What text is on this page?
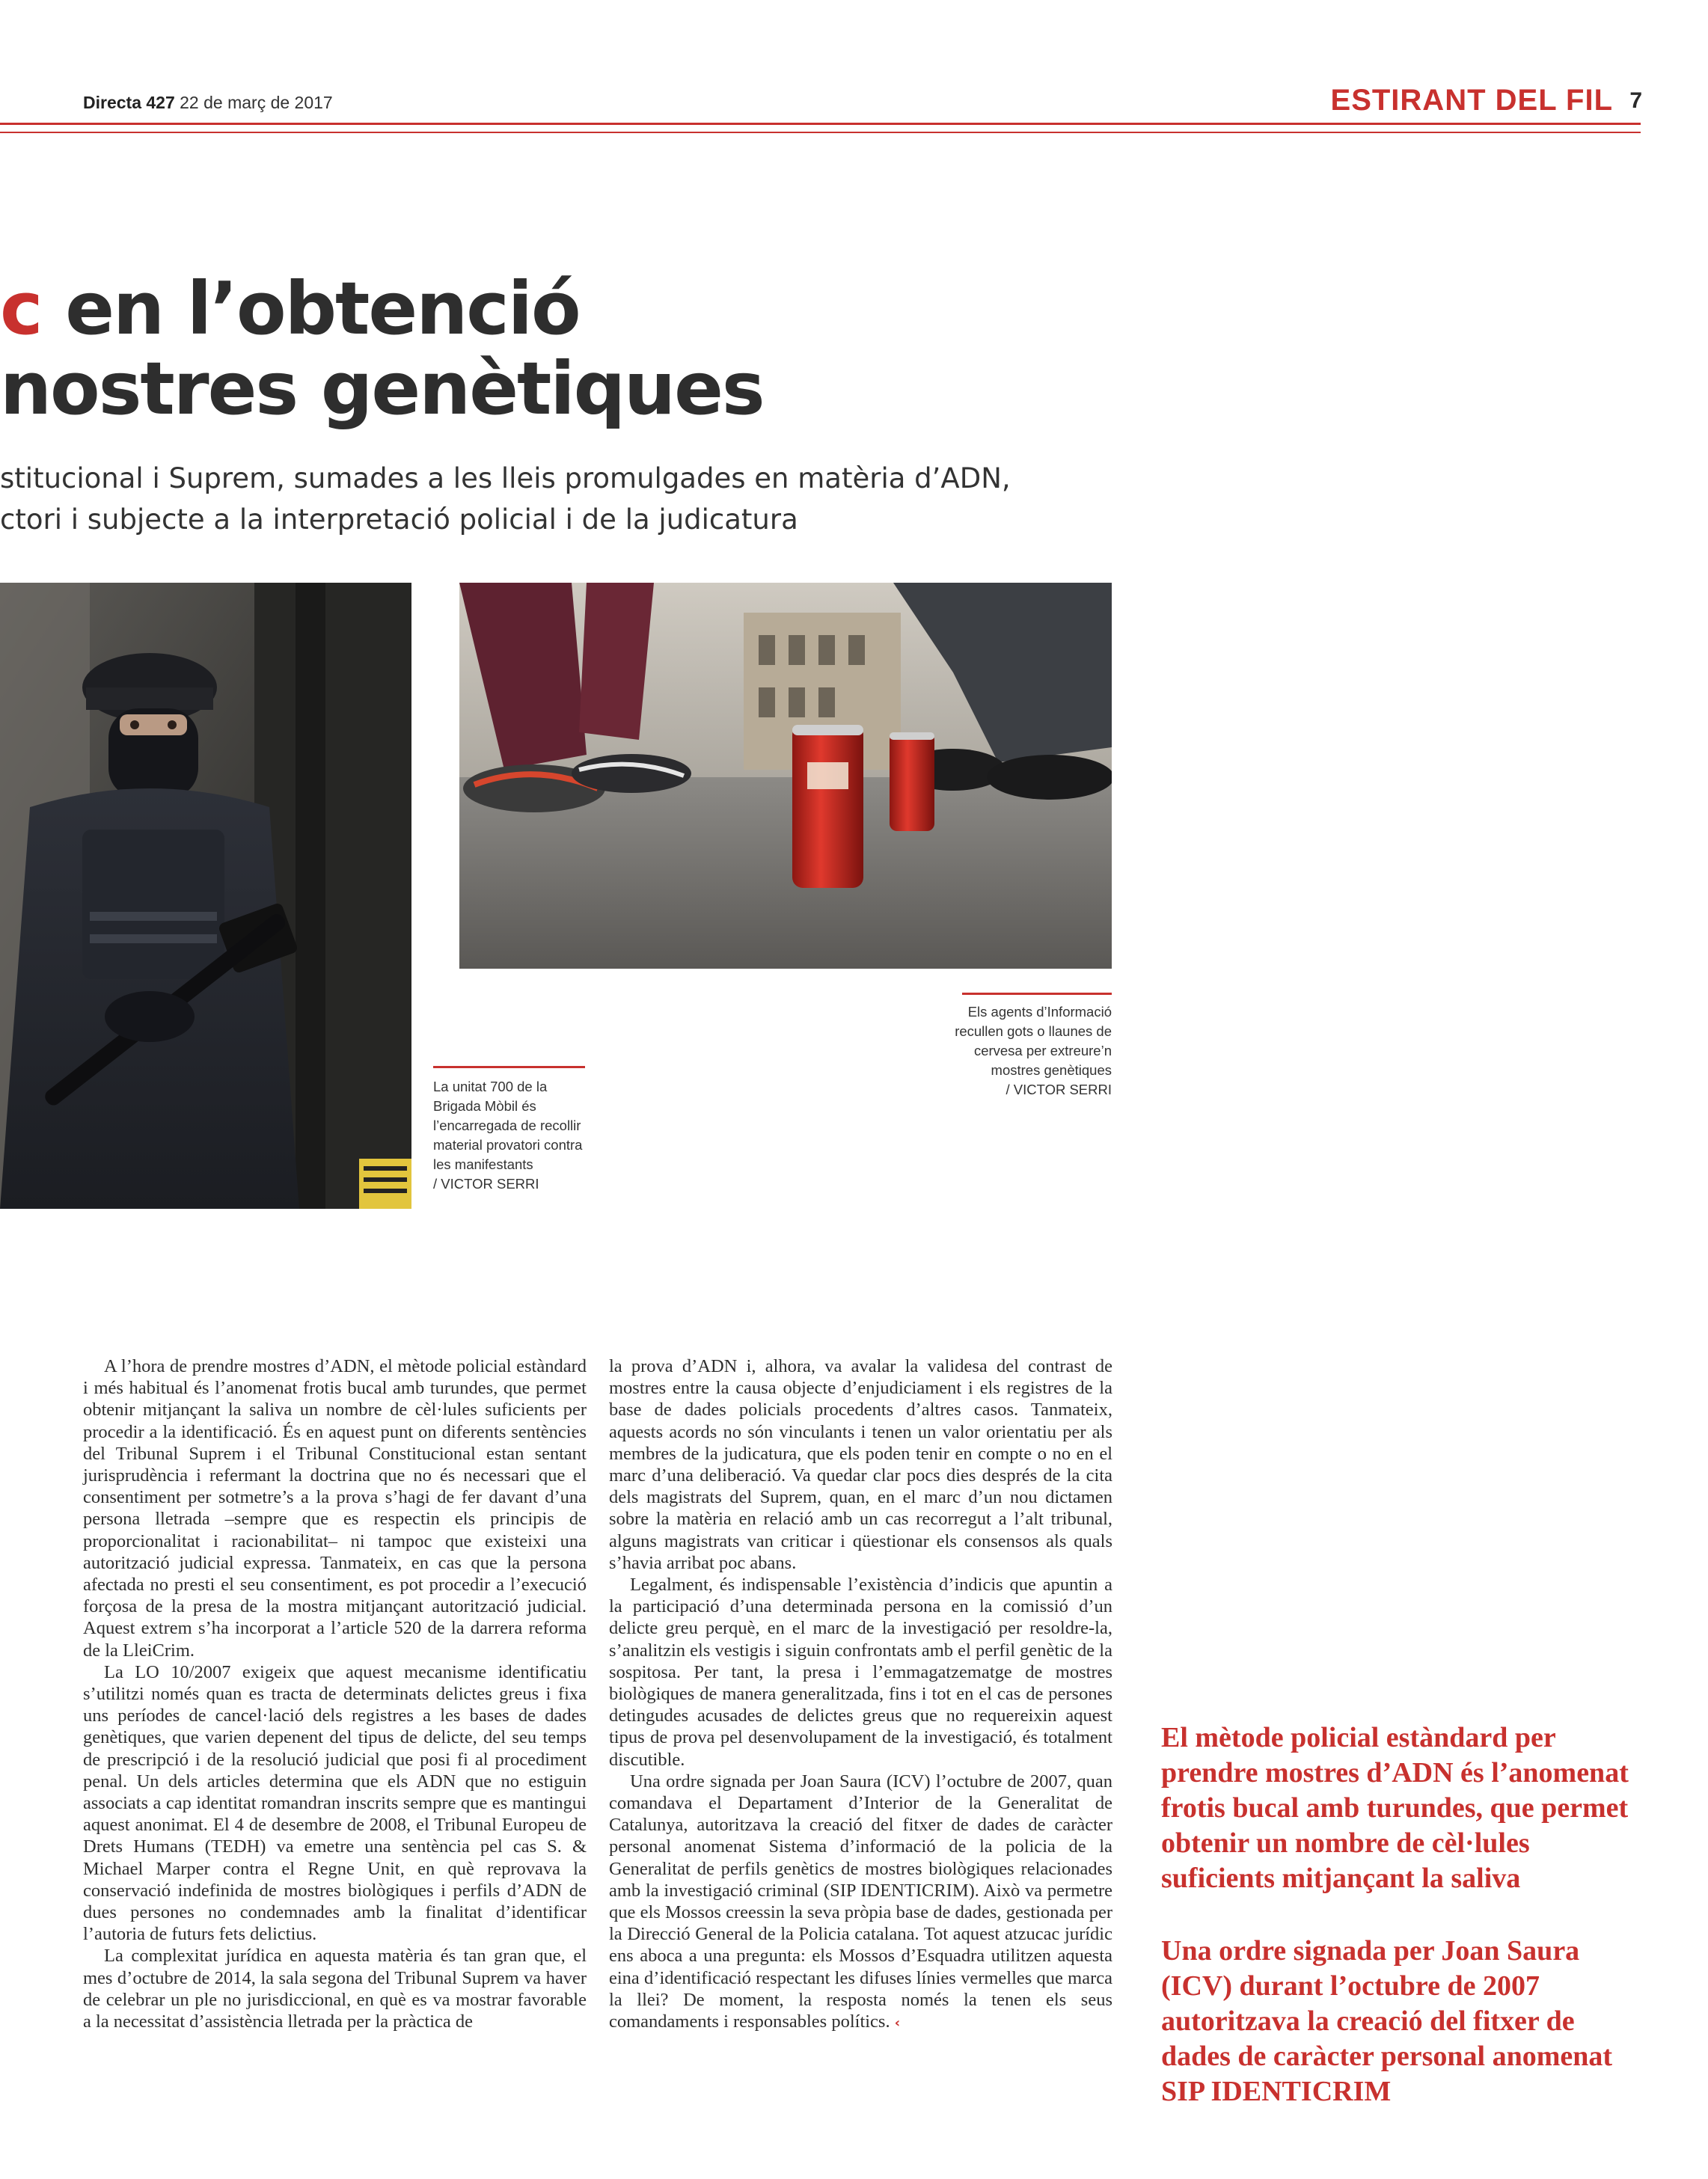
Directa 427 22 de març de 2017	ESTIRANT DEL FIL 7
c en l’obtenció
nostres genètiques
stitucional i Suprem, sumades a les lleis promulgades en matèria d’ADN,
ctori i subjecte a la interpretació policial i de la judicatura
La unitat 700 de la Brigada Mòbil és l’encarregada de recollir material provatori contra les manifestants
/ VICTOR SERRI
Els agents d’Informació recullen gots o llaunes de cervesa per extreure’n mostres genètiques
/ VICTOR SERRI

A l’hora de prendre mostres d’ADN, el mètode policial estàndard i més habitual és l’anomenat frotis bucal amb turundes, que permet obtenir mitjançant la saliva un nombre de cèl·lules suficients per procedir a la identificació. És en aquest punt on diferents sentències del Tribunal Suprem i el Tribunal Constitucional estan sentant jurisprudència i refermant la doctrina que no és necessari que el consentiment per sotmetre’s a la prova s’hagi de fer davant d’una persona lletrada –sempre que es respectin els principis de proporcionalitat i racionabilitat– ni tampoc que existeixi una autorització judicial expressa. Tanmateix, en cas que la persona afectada no presti el seu consentiment, es pot procedir a l’execució forçosa de la presa de la mostra mitjançant autorització judicial. Aquest extrem s’ha incorporat a l’article 520 de la darrera reforma de la LleiCrim.

La LO 10/2007 exigeix que aquest mecanisme identificatiu s’utilitzi només quan es tracta de determinats delictes greus i fixa uns períodes de cancel·lació dels registres a les bases de dades genètiques, que varien depenent del tipus de delicte, del seu temps de prescripció i de la resolució judicial que posi fi al procediment penal. Un dels articles determina que els ADN que no estiguin associats a cap identitat romandran inscrits sempre que es mantingui aquest anonimat. El 4 de desembre de 2008, el Tribunal Europeu de Drets Humans (TEDH) va emetre una sentència pel cas S. & Michael Marper contra el Regne Unit, en què reprovava la conservació indefinida de mostres biològiques i perfils d’ADN de dues persones no condemnades amb la finalitat d’identificar l’autoria de futurs fets delictius.

La complexitat jurídica en aquesta matèria és tan gran que, el mes d’octubre de 2014, la sala segona del Tribunal Suprem va haver de celebrar un ple no jurisdiccional, en què es va mostrar favorable a la necessitat d’assistència lletrada per la pràctica de

la prova d’ADN i, alhora, va avalar la validesa del contrast de mostres entre la causa objecte d’enjudiciament i els registres de la base de dades policials procedents d’altres casos. Tanmateix, aquests acords no són vinculants i tenen un valor orientatiu per als membres de la judicatura, que els poden tenir en compte o no en el marc d’una deliberació. Va quedar clar pocs dies després de la cita dels magistrats del Suprem, quan, en el marc d’un nou dictamen sobre la matèria en relació amb un cas recorregut a l’alt tribunal, alguns magistrats van criticar i qüestionar els consensos als quals s’havia arribat poc abans.

Legalment, és indispensable l’existència d’indicis que apuntin a la participació d’una determinada persona en la comissió d’un delicte greu perquè, en el marc de la investigació per resoldre-la, s’analitzin els vestigis i siguin confrontats amb el perfil genètic de la sospitosa. Per tant, la presa i l’emmagatzematge de mostres biològiques de manera generalitzada, fins i tot en el cas de persones detingudes acusades de delictes greus que no requereixin aquest tipus de prova pel desenvolupament de la investigació, és totalment discutible.

Una ordre signada per Joan Saura (ICV) l’octubre de 2007, quan comandava el Departament d’Interior de la Generalitat de Catalunya, autoritzava la creació del fitxer de dades de caràcter personal anomenat Sistema d’informació de la policia de la Generalitat de perfils genètics de mostres biològiques relacionades amb la investigació criminal (SIP IDENTICRIM). Això va permetre que els Mossos creessin la seva pròpia base de dades, gestionada per la Direcció General de la Policia catalana. Tot aquest atzucac jurídic ens aboca a una pregunta: els Mossos d’Esquadra utilitzen aquesta eina d’identificació respectant les difuses línies vermelles que marca la llei? De moment, la resposta només la tenen els seus comandaments i responsables polítics. ‹

El mètode policial estàndard per prendre mostres d’ADN és l’anomenat frotis bucal amb turundes, que permet obtenir un nombre de cèl·lules suficients mitjançant la saliva
Una ordre signada per Joan Saura (ICV) durant l’octubre de 2007 autoritzava la creació del fitxer de dades de caràcter personal anomenat SIP IDENTICRIM
